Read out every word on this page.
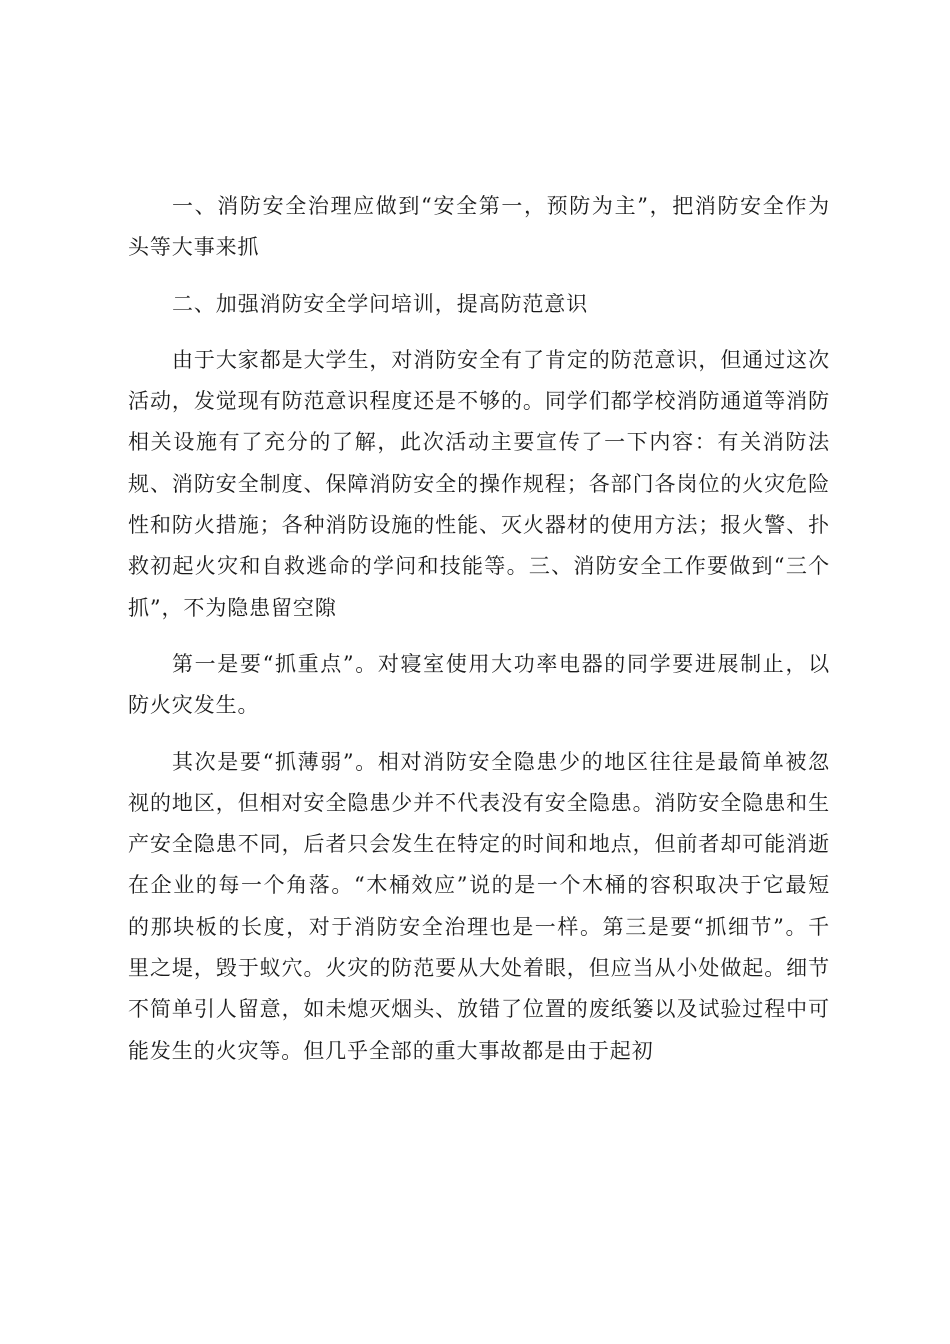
一、消防安全治理应做到“安全第一，预防为主”，把消防安全作为头等大事来抓

二、加强消防安全学问培训，提高防范意识

由于大家都是大学生，对消防安全有了肯定的防范意识，但通过这次活动，发觉现有防范意识程度还是不够的。同学们都学校消防通道等消防相关设施有了充分的了解，此次活动主要宣传了一下内容：有关消防法规、消防安全制度、保障消防安全的操作规程；各部门各岗位的火灾危险性和防火措施；各种消防设施的性能、灭火器材的使用方法；报火警、扑救初起火灾和自救逃命的学问和技能等。三、消防安全工作要做到“三个抓”，不为隐患留空隙

第一是要“抓重点”。对寝室使用大功率电器的同学要进展制止，以防火灾发生。

其次是要“抓薄弱”。相对消防安全隐患少的地区往往是最简单被忽视的地区，但相对安全隐患少并不代表没有安全隐患。消防安全隐患和生产安全隐患不同，后者只会发生在特定的时间和地点，但前者却可能消逝在企业的每一个角落。“木桶效应”说的是一个木桶的容积取决于它最短的那块板的长度，对于消防安全治理也是一样。第三是要“抓细节”。千里之堤，毁于蚁穴。火灾的防范要从大处着眼，但应当从小处做起。细节不简单引人留意，如未熄灭烟头、放错了位置的废纸篓以及试验过程中可能发生的火灾等。但几乎全部的重大事故都是由于起初
